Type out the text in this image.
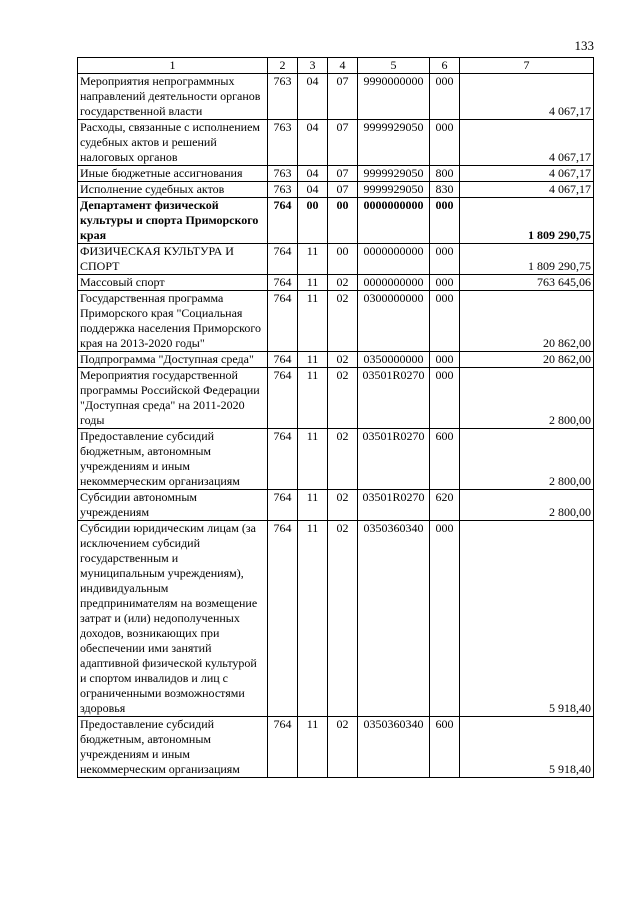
133
1	2	3	4	5	6	7
Мероприятия непрограммных направлений деятельности органов государственной власти	763	04	07	9990000000	000	4 067,17
Расходы, связанные с исполнением судебных актов и решений налоговых органов	763	04	07	9999929050	000	4 067,17
Иные бюджетные ассигнования	763	04	07	9999929050	800	4 067,17
Исполнение судебных актов	763	04	07	9999929050	830	4 067,17
Департамент физической культуры и спорта Приморского края	764	00	00	0000000000	000	1 809 290,75
ФИЗИЧЕСКАЯ КУЛЬТУРА И СПОРТ	764	11	00	0000000000	000	1 809 290,75
Массовый спорт	764	11	02	0000000000	000	763 645,06
Государственная программа Приморского края "Социальная поддержка населения Приморского края на 2013-2020 годы"	764	11	02	0300000000	000	20 862,00
Подпрограмма "Доступная среда"	764	11	02	0350000000	000	20 862,00
Мероприятия государственной программы Российской Федерации "Доступная среда" на 2011-2020 годы	764	11	02	03501R0270	000	2 800,00
Предоставление субсидий бюджетным, автономным учреждениям и иным некоммерческим организациям	764	11	02	03501R0270	600	2 800,00
Субсидии автономным учреждениям	764	11	02	03501R0270	620	2 800,00
Субсидии юридическим лицам (за исключением субсидий государственным и муниципальным учреждениям), индивидуальным предпринимателям на возмещение затрат и (или) недополученных доходов, возникающих при обеспечении ими занятий адаптивной физической культурой и спортом инвалидов и лиц с ограниченными возможностями здоровья	764	11	02	0350360340	000	5 918,40
Предоставление субсидий бюджетным, автономным учреждениям и иным некоммерческим организациям	764	11	02	0350360340	600	5 918,40
